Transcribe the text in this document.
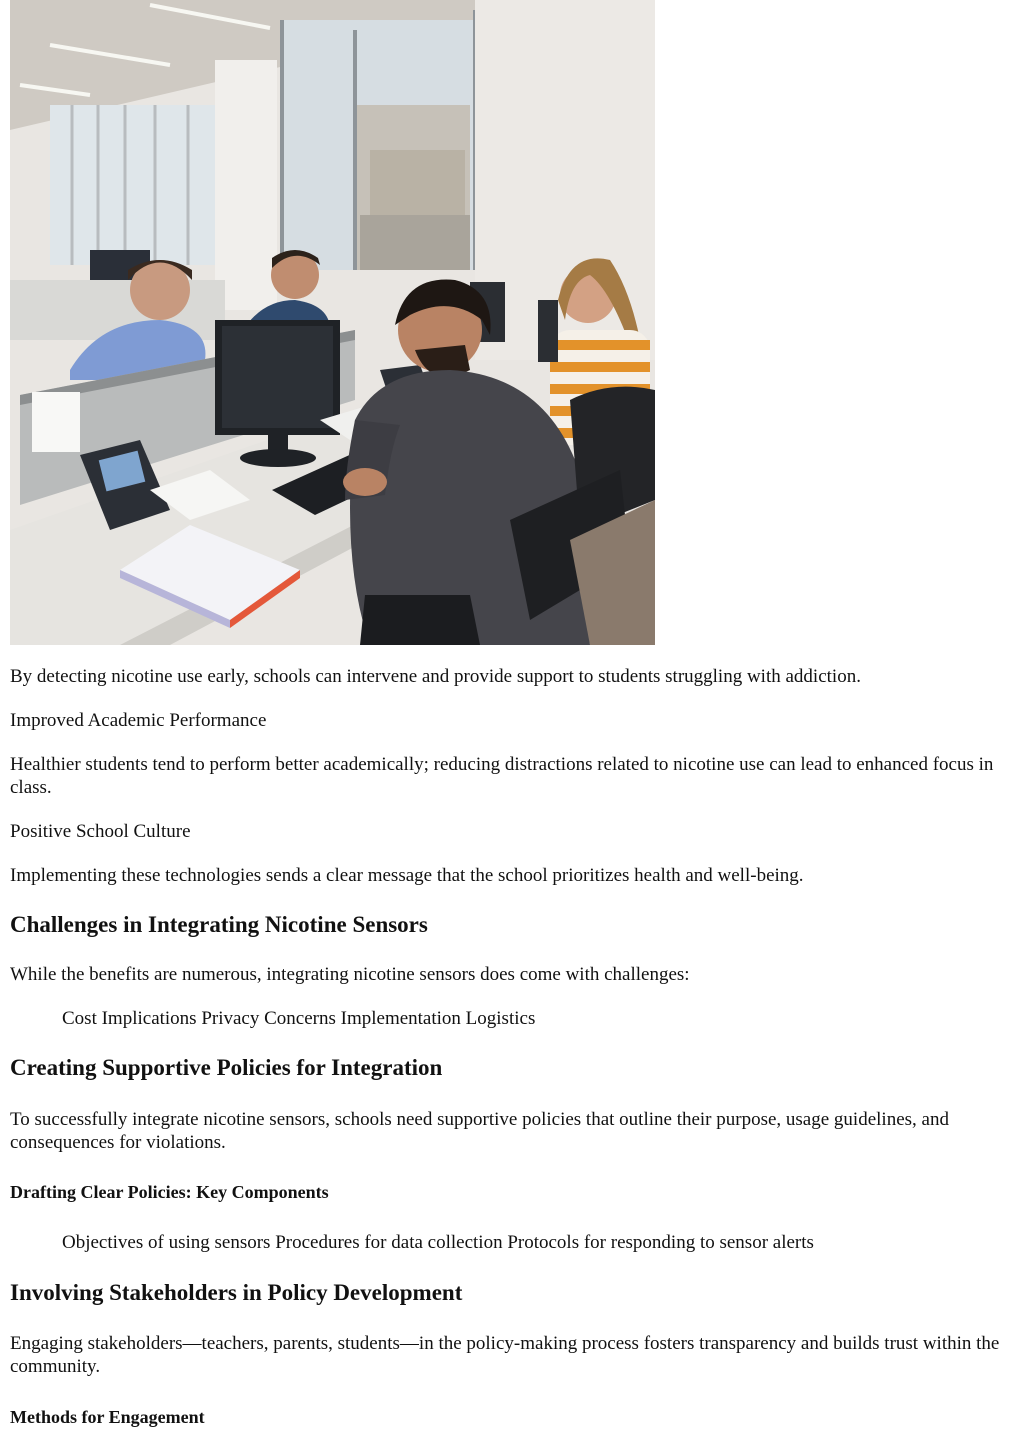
By detecting nicotine use early, schools can intervene and provide support to students struggling with addiction.

Improved Academic Performance

Healthier students tend to perform better academically; reducing distractions related to nicotine use can lead to enhanced focus in class.

Positive School Culture

Implementing these technologies sends a clear message that the school prioritizes health and well-being.

Challenges in Integrating Nicotine Sensors

While the benefits are numerous, integrating nicotine sensors does come with challenges:

Cost Implications Privacy Concerns Implementation Logistics

Creating Supportive Policies for Integration

To successfully integrate nicotine sensors, schools need supportive policies that outline their purpose, usage guidelines, and consequences for violations.

Drafting Clear Policies: Key Components

Objectives of using sensors Procedures for data collection Protocols for responding to sensor alerts

Involving Stakeholders in Policy Development

Engaging stakeholders—teachers, parents, students—in the policy-making process fosters transparency and builds trust within the community.

Methods for Engagement
